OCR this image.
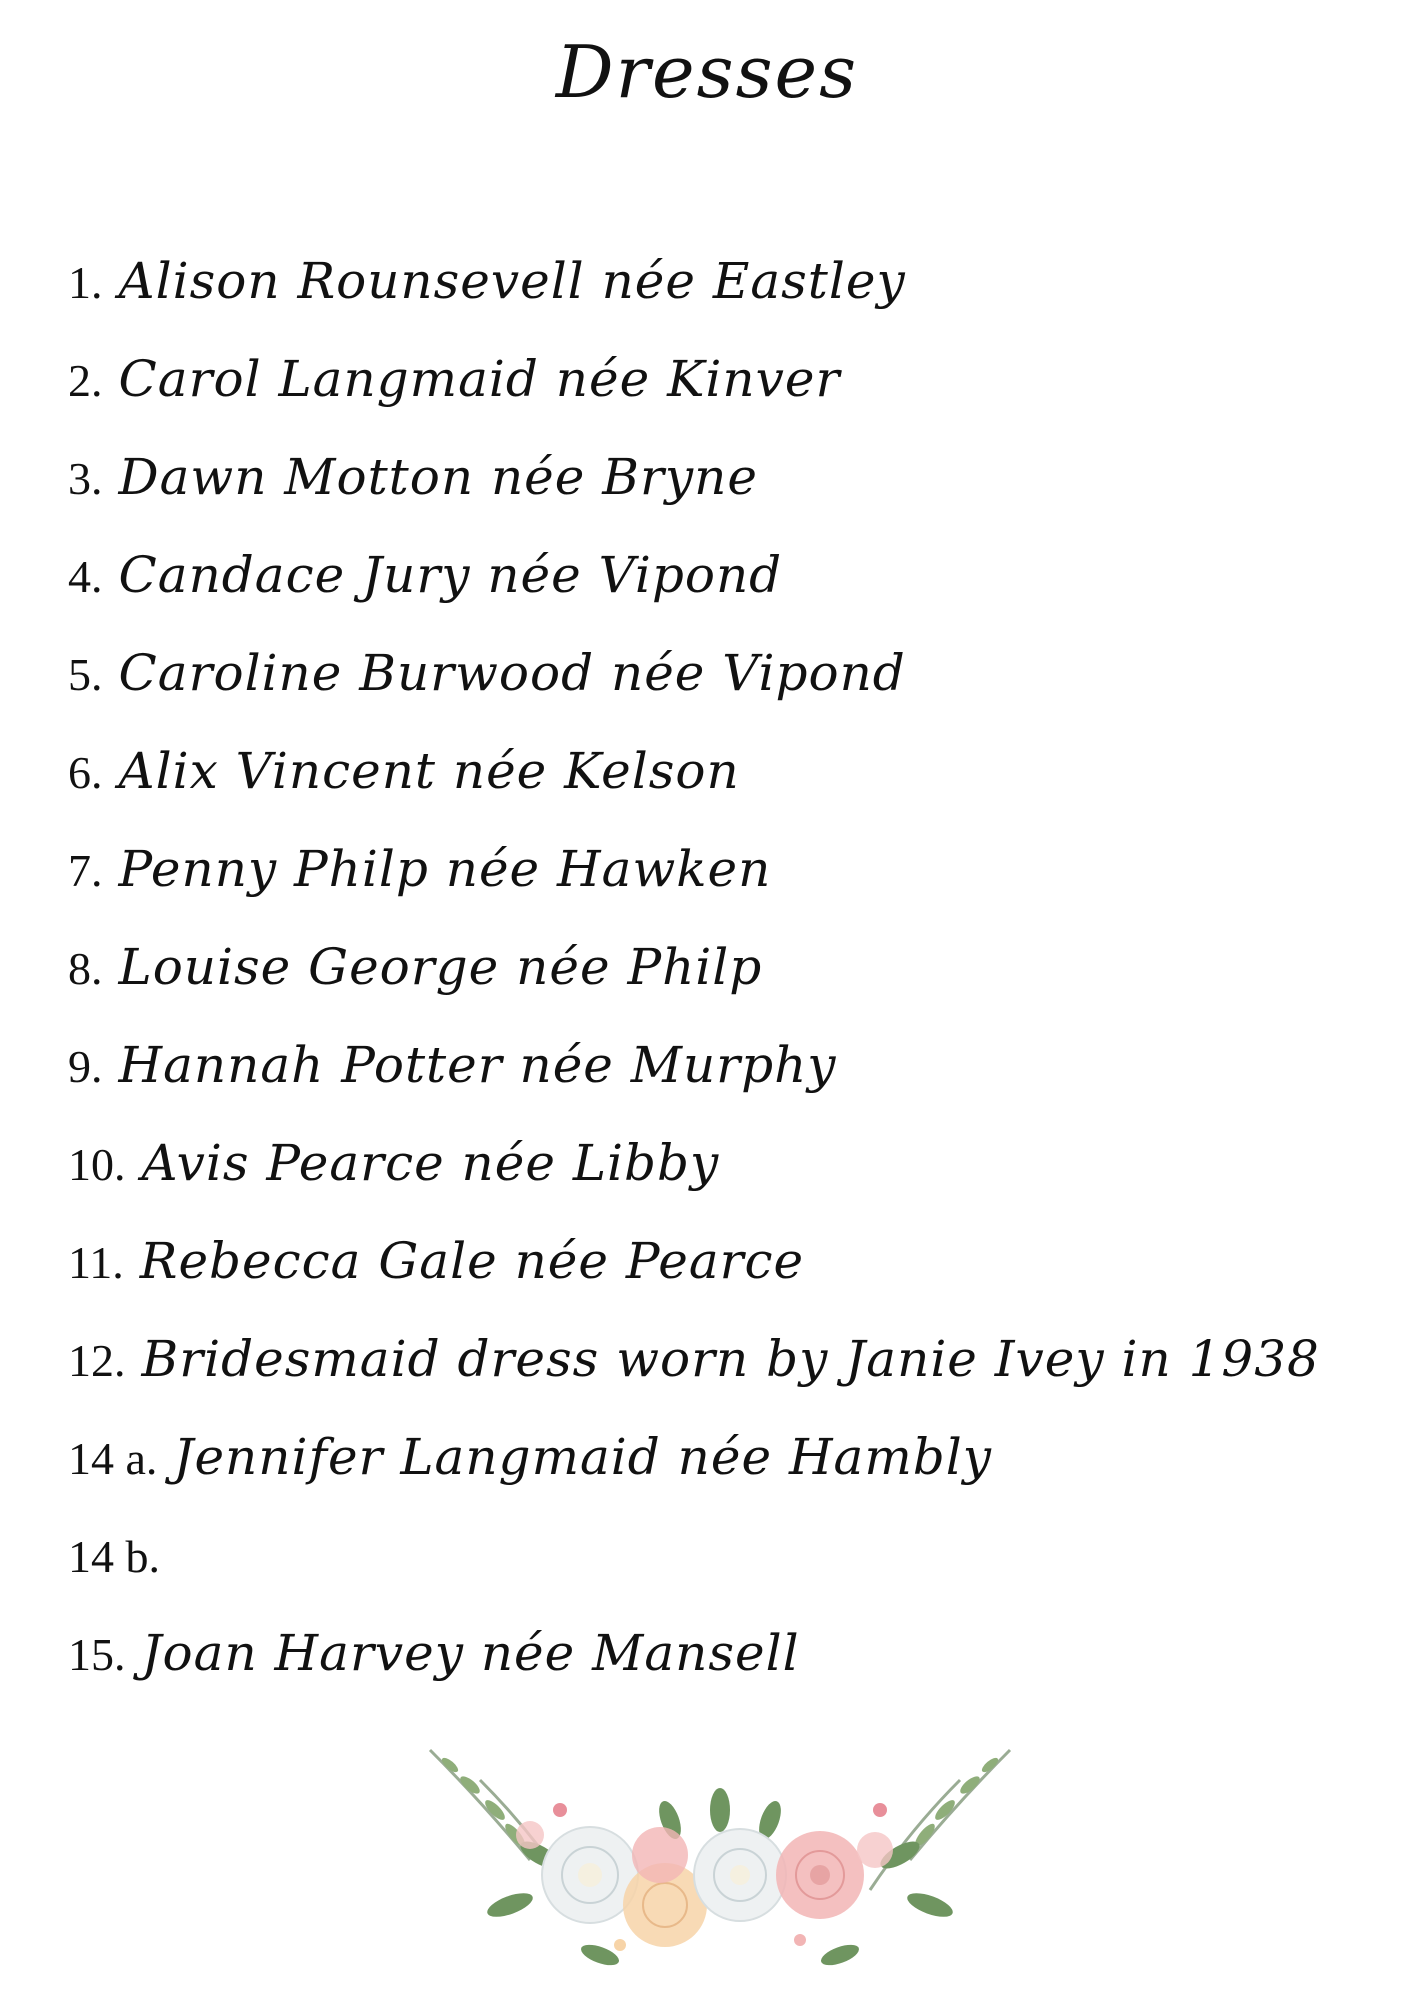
Dresses
1. Alison Rounsevell née Eastley
2. Carol Langmaid née Kinver
3. Dawn Motton née Bryne
4. Candace Jury née Vipond
5. Caroline Burwood née Vipond
6. Alix Vincent née Kelson
7. Penny Philp née Hawken
8. Louise George née Philp
9. Hannah Potter née Murphy
10. Avis Pearce née Libby
11. Rebecca Gale née Pearce
12. Bridesmaid dress worn by Janie Ivey in 1938
14 a. Jennifer Langmaid née Hambly
14 b.
15. Joan Harvey née Mansell
